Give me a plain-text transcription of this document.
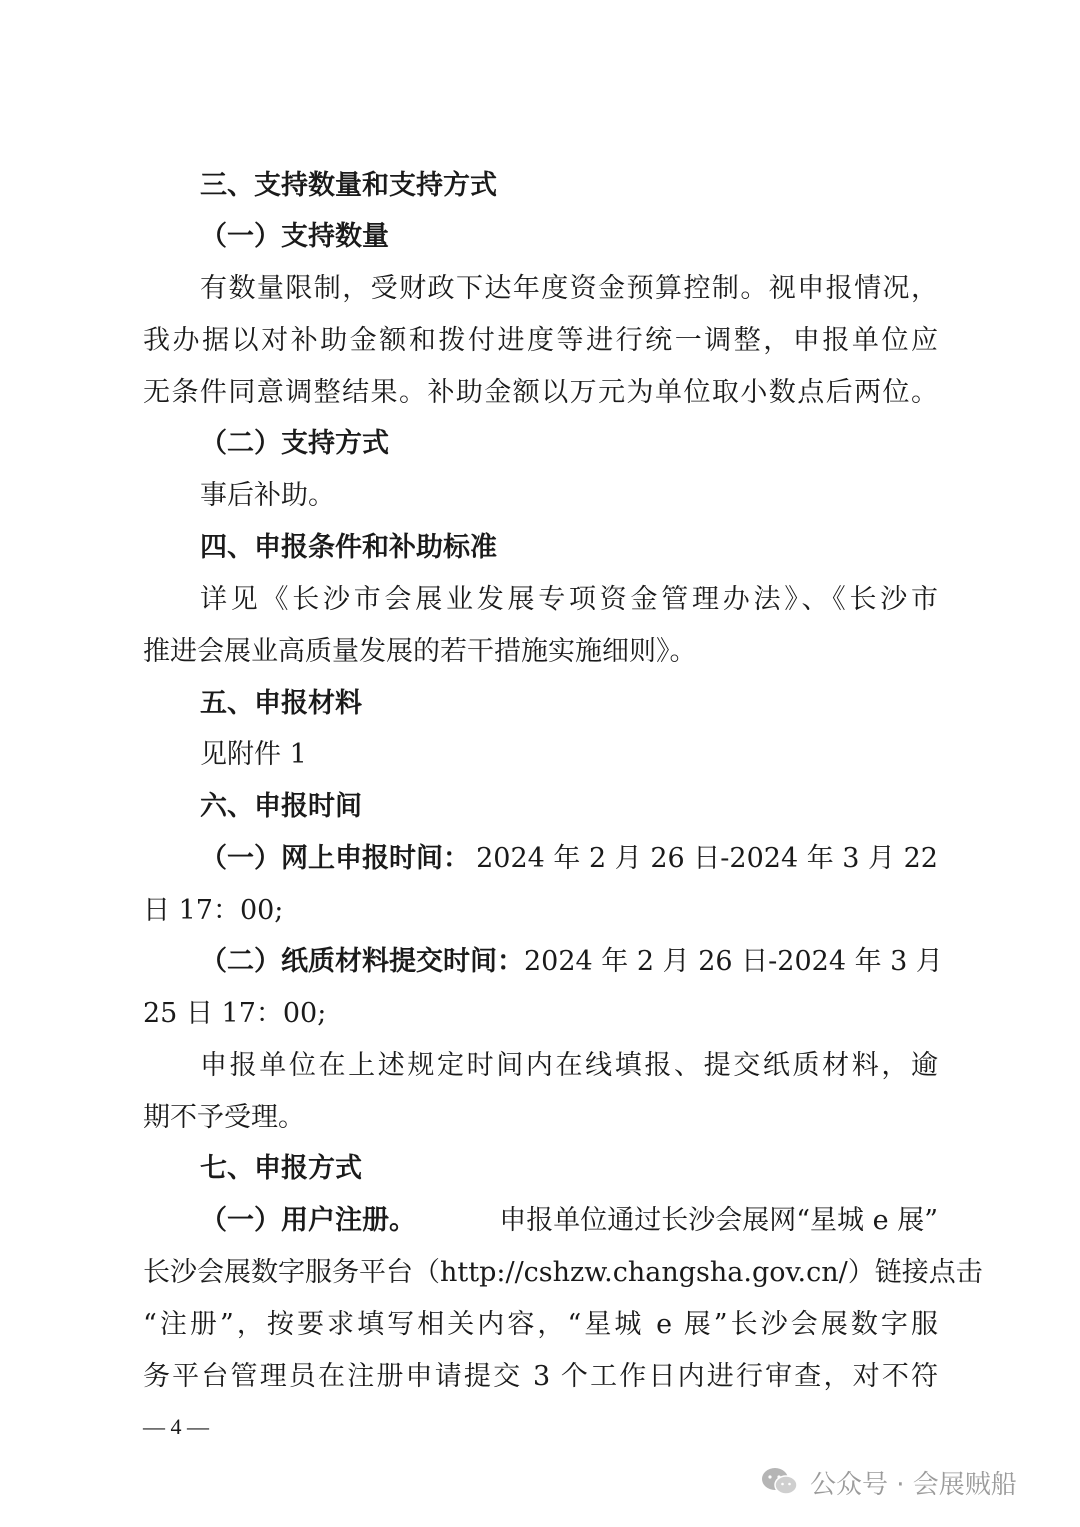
三、支持数量和支持方式
（一）支持数量
有数量限制，受财政下达年度资金预算控制。视申报情况，
我办据以对补助金额和拨付进度等进行统一调整，申报单位应
无条件同意调整结果。补助金额以万元为单位取小数点后两位。
（二）支持方式
事后补助。
四、申报条件和补助标准
详见《长沙市会展业发展专项资金管理办法》、《长沙市
推进会展业高质量发展的若干措施实施细则》。
五、申报材料
见附件 1
六、申报时间
（一）网上申报时间： 2024 年 2 月 26 日-2024 年 3 月 22
日 17：00;
（二）纸质材料提交时间： 2024 年 2 月 26 日-2024 年 3 月
25 日 17：00;
申报单位在上述规定时间内在线填报、提交纸质材料，逾
期不予受理。
七、申报方式
（一）用户注册。	申报单位通过长沙会展网“星城 e 展”
长沙会展数字服务平台（http://cshzw.changsha.gov.cn/）链接点击
“注册”，按要求填写相关内容，“星城 e 展”长沙会展数字服
务平台管理员在注册申请提交 3 个工作日内进行审查，对不符
— 4 —
公众号 · 会展贼船
